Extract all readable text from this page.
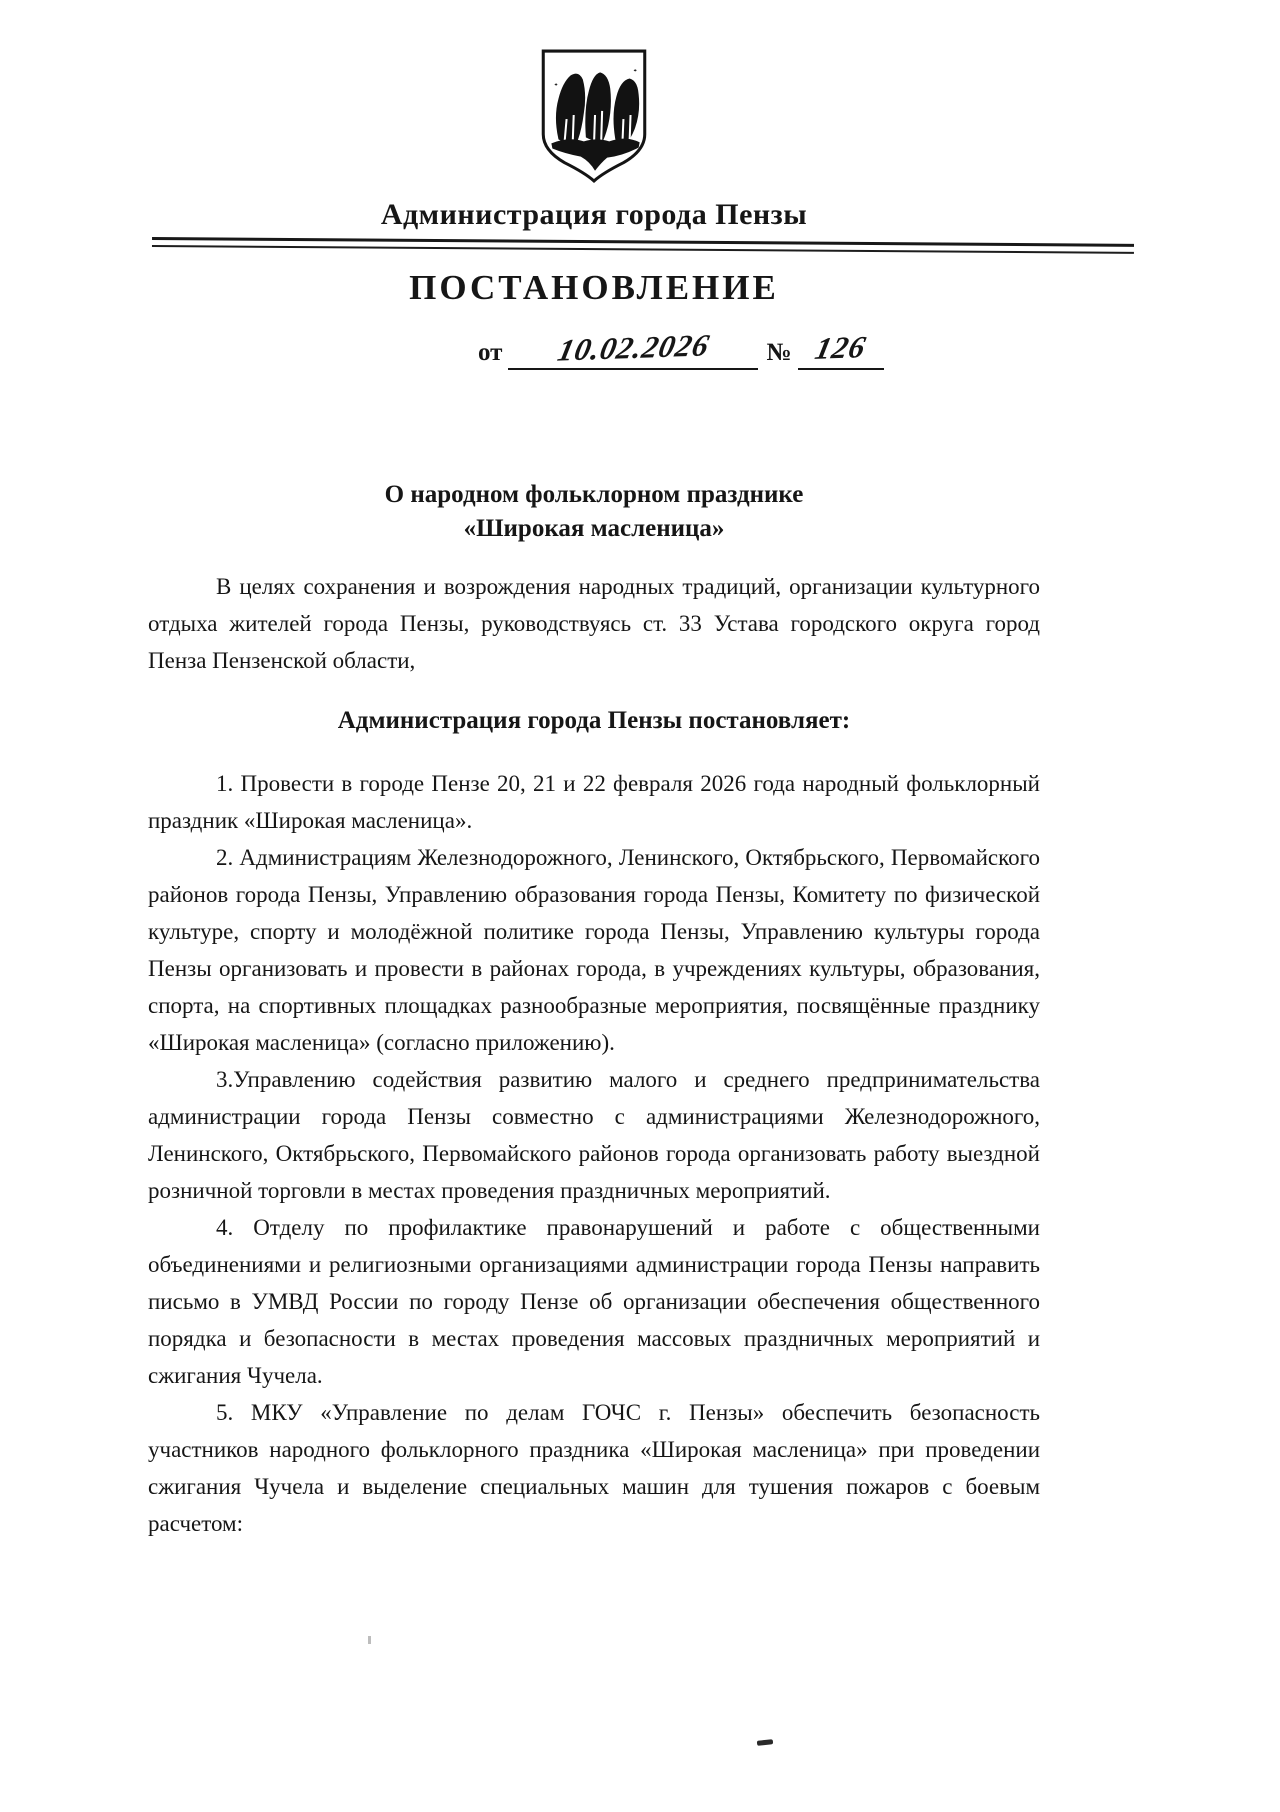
Администрация города Пензы
ПОСТАНОВЛЕНИЕ
от 10.02.2026 № 126
О народном фольклорном празднике
«Широкая масленица»

В целях сохранения и возрождения народных традиций, организации культурного отдыха жителей города Пензы, руководствуясь ст. 33 Устава городского округа город Пенза Пензенской области,

Администрация города Пензы постановляет:

1. Провести в городе Пензе 20, 21 и 22 февраля 2026 года народный фольклорный праздник «Широкая масленица».

2. Администрациям Железнодорожного, Ленинского, Октябрьского, Первомайского районов города Пензы, Управлению образования города Пензы, Комитету по физической культуре, спорту и молодёжной политике города Пензы, Управлению культуры города Пензы организовать и провести в районах города, в учреждениях культуры, образования, спорта, на спортивных площадках разнообразные мероприятия, посвящённые празднику «Широкая масленица» (согласно приложению).

3.Управлению содействия развитию малого и среднего предпринимательства администрации города Пензы совместно с администрациями Железнодорожного, Ленинского, Октябрьского, Первомайского районов города организовать работу выездной розничной торговли в местах проведения праздничных мероприятий.

4. Отделу по профилактике правонарушений и работе с общественными объединениями и религиозными организациями администрации города Пензы направить письмо в УМВД России по городу Пензе об организации обеспечения общественного порядка и безопасности в местах проведения массовых праздничных мероприятий и сжигания Чучела.

5. МКУ «Управление по делам ГОЧС г. Пензы» обеспечить безопасность участников народного фольклорного праздника «Широкая масленица» при проведении сжигания Чучела и выделение специальных машин для тушения пожаров с боевым расчетом:
